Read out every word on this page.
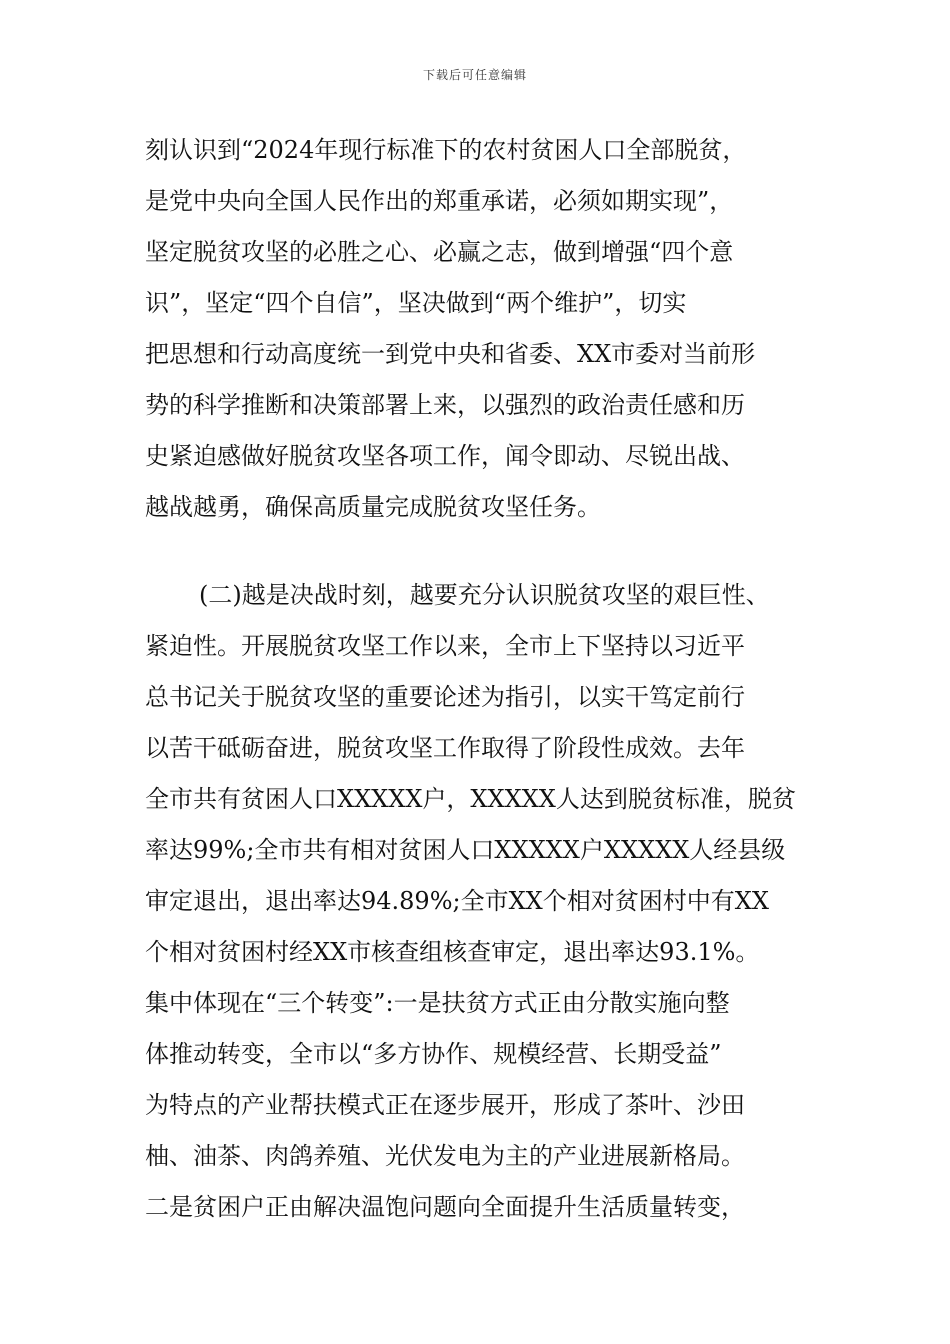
下载后可任意编辑
刻认识到“2024年现行标准下的农村贫困人口全部脱贫，
是党中央向全国人民作出的郑重承诺，必须如期实现”，
坚定脱贫攻坚的必胜之心、必赢之志，做到增强“四个意
识”，坚定“四个自信”，坚决做到“两个维护”，切实
把思想和行动高度统一到党中央和省委、XX市委对当前形
势的科学推断和决策部署上来，以强烈的政治责任感和历
史紧迫感做好脱贫攻坚各项工作，闻令即动、尽锐出战、
越战越勇，确保高质量完成脱贫攻坚任务。
(二)越是决战时刻，越要充分认识脱贫攻坚的艰巨性、
紧迫性。开展脱贫攻坚工作以来，全市上下坚持以习近平
总书记关于脱贫攻坚的重要论述为指引，以实干笃定前行
以苦干砥砺奋进，脱贫攻坚工作取得了阶段性成效。去年
全市共有贫困人口XXXXX户，XXXXX人达到脱贫标准，脱贫
率达99%;全市共有相对贫困人口XXXXX户XXXXX人经县级
审定退出，退出率达94.89%;全市XX个相对贫困村中有XX
个相对贫困村经XX市核查组核查审定，退出率达93.1%。
集中体现在“三个转变”:一是扶贫方式正由分散实施向整
体推动转变，全市以“多方协作、规模经营、长期受益”
为特点的产业帮扶模式正在逐步展开，形成了茶叶、沙田
柚、油茶、肉鸽养殖、光伏发电为主的产业进展新格局。
二是贫困户正由解决温饱问题向全面提升生活质量转变，
